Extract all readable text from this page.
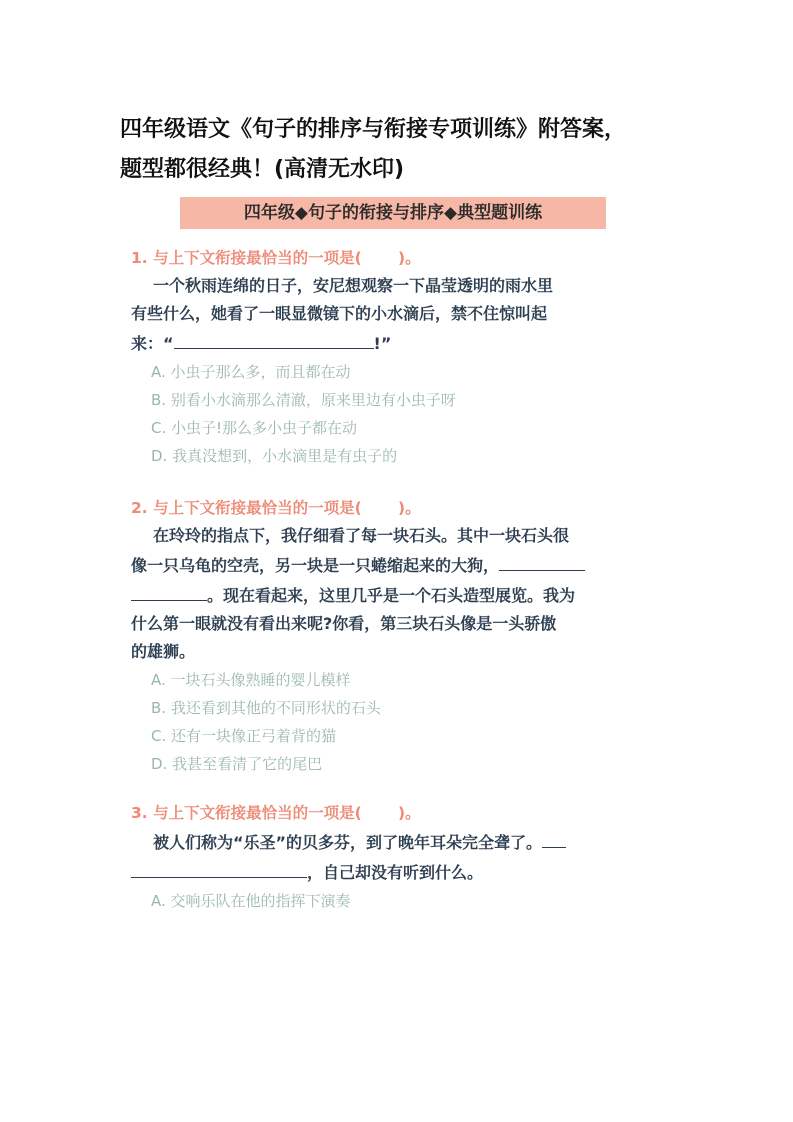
四年级语文《句子的排序与衔接专项训练》附答案，
题型都很经典！(高清无水印)
四年级◆句子的衔接与排序◆典型题训练
1. 与上下文衔接最恰当的一项是(　　 )。
一个秋雨连绵的日子，安尼想观察一下晶莹透明的雨水里
有些什么，她看了一眼显微镜下的小水滴后，禁不住惊叫起
来：“	!”
A. 小虫子那么多，而且都在动
B. 别看小水滴那么清澈，原来里边有小虫子呀
C. 小虫子!那么多小虫子都在动
D. 我真没想到，小水滴里是有虫子的
2. 与上下文衔接最恰当的一项是(　　 )。
在玲玲的指点下，我仔细看了每一块石头。其中一块石头很
像一只乌龟的空壳，另一块是一只蜷缩起来的大狗，
。现在看起来，这里几乎是一个石头造型展览。我为
什么第一眼就没有看出来呢?你看，第三块石头像是一头骄傲
的雄狮。
A. 一块石头像熟睡的婴儿模样
B. 我还看到其他的不同形状的石头
C. 还有一块像正弓着背的猫
D. 我甚至看清了它的尾巴
3. 与上下文衔接最恰当的一项是(　　 )。
被人们称为“乐圣”的贝多芬，到了晚年耳朵完全聋了。
，自己却没有听到什么。
A. 交响乐队在他的指挥下演奏
